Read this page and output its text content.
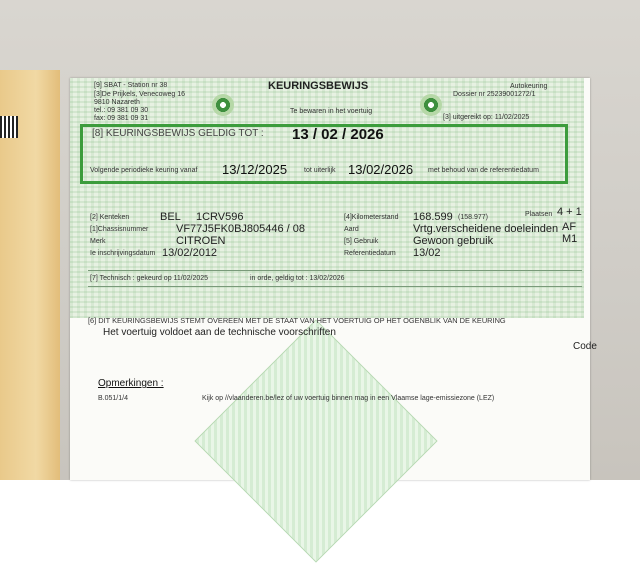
[9] SBAT - Station nr 38
[3]De Prijkels, Venecoweg 16
9810 Nazareth
tel.: 09 381 09 30
fax: 09 381 09 31
KEURINGSBEWIJS
Te bewaren in het voertuig
Autokeuring
Dossier nr 25239001272/1
[3] uitgereikt op: 11/02/2025
[8] KEURINGSBEWIJS GELDIG TOT : 13 / 02 / 2026
Volgende periodieke keuring vanaf 13/12/2025 tot uiterlijk 13/02/2026 met behoud van de referentiedatum
[2] Kenteken	BEL 1CRV596
[1]Chassisnummer	VF77J5FK0BJ805446 / 08
Merk	CITROEN
Ie inschrijvingsdatum 13/02/2012
[4]Kilometerstand 168.599 (158.977)	Plaatsen 4 + 1
Aard	Vrtg.verscheidene doeleinden AF
[5] Gebruik	Gewoon gebruik	M1
Referentiedatum 13/02
[7] Technisch : gekeurd op 11/02/2025	in orde, geldig tot : 13/02/2026
[6] DIT KEURINGSBEWIJS STEMT OVEREEN MET DE STAAT VAN HET VOERTUIG OP HET OGENBLIK VAN DE KEURING
Het voertuig voldoet aan de technische voorschriften
Code
Opmerkingen :
B.051/1/4	Kijk op //vlaanderen.be/lez of uw voertuig binnen mag in een Vlaamse lage-emissiezone (LEZ)
